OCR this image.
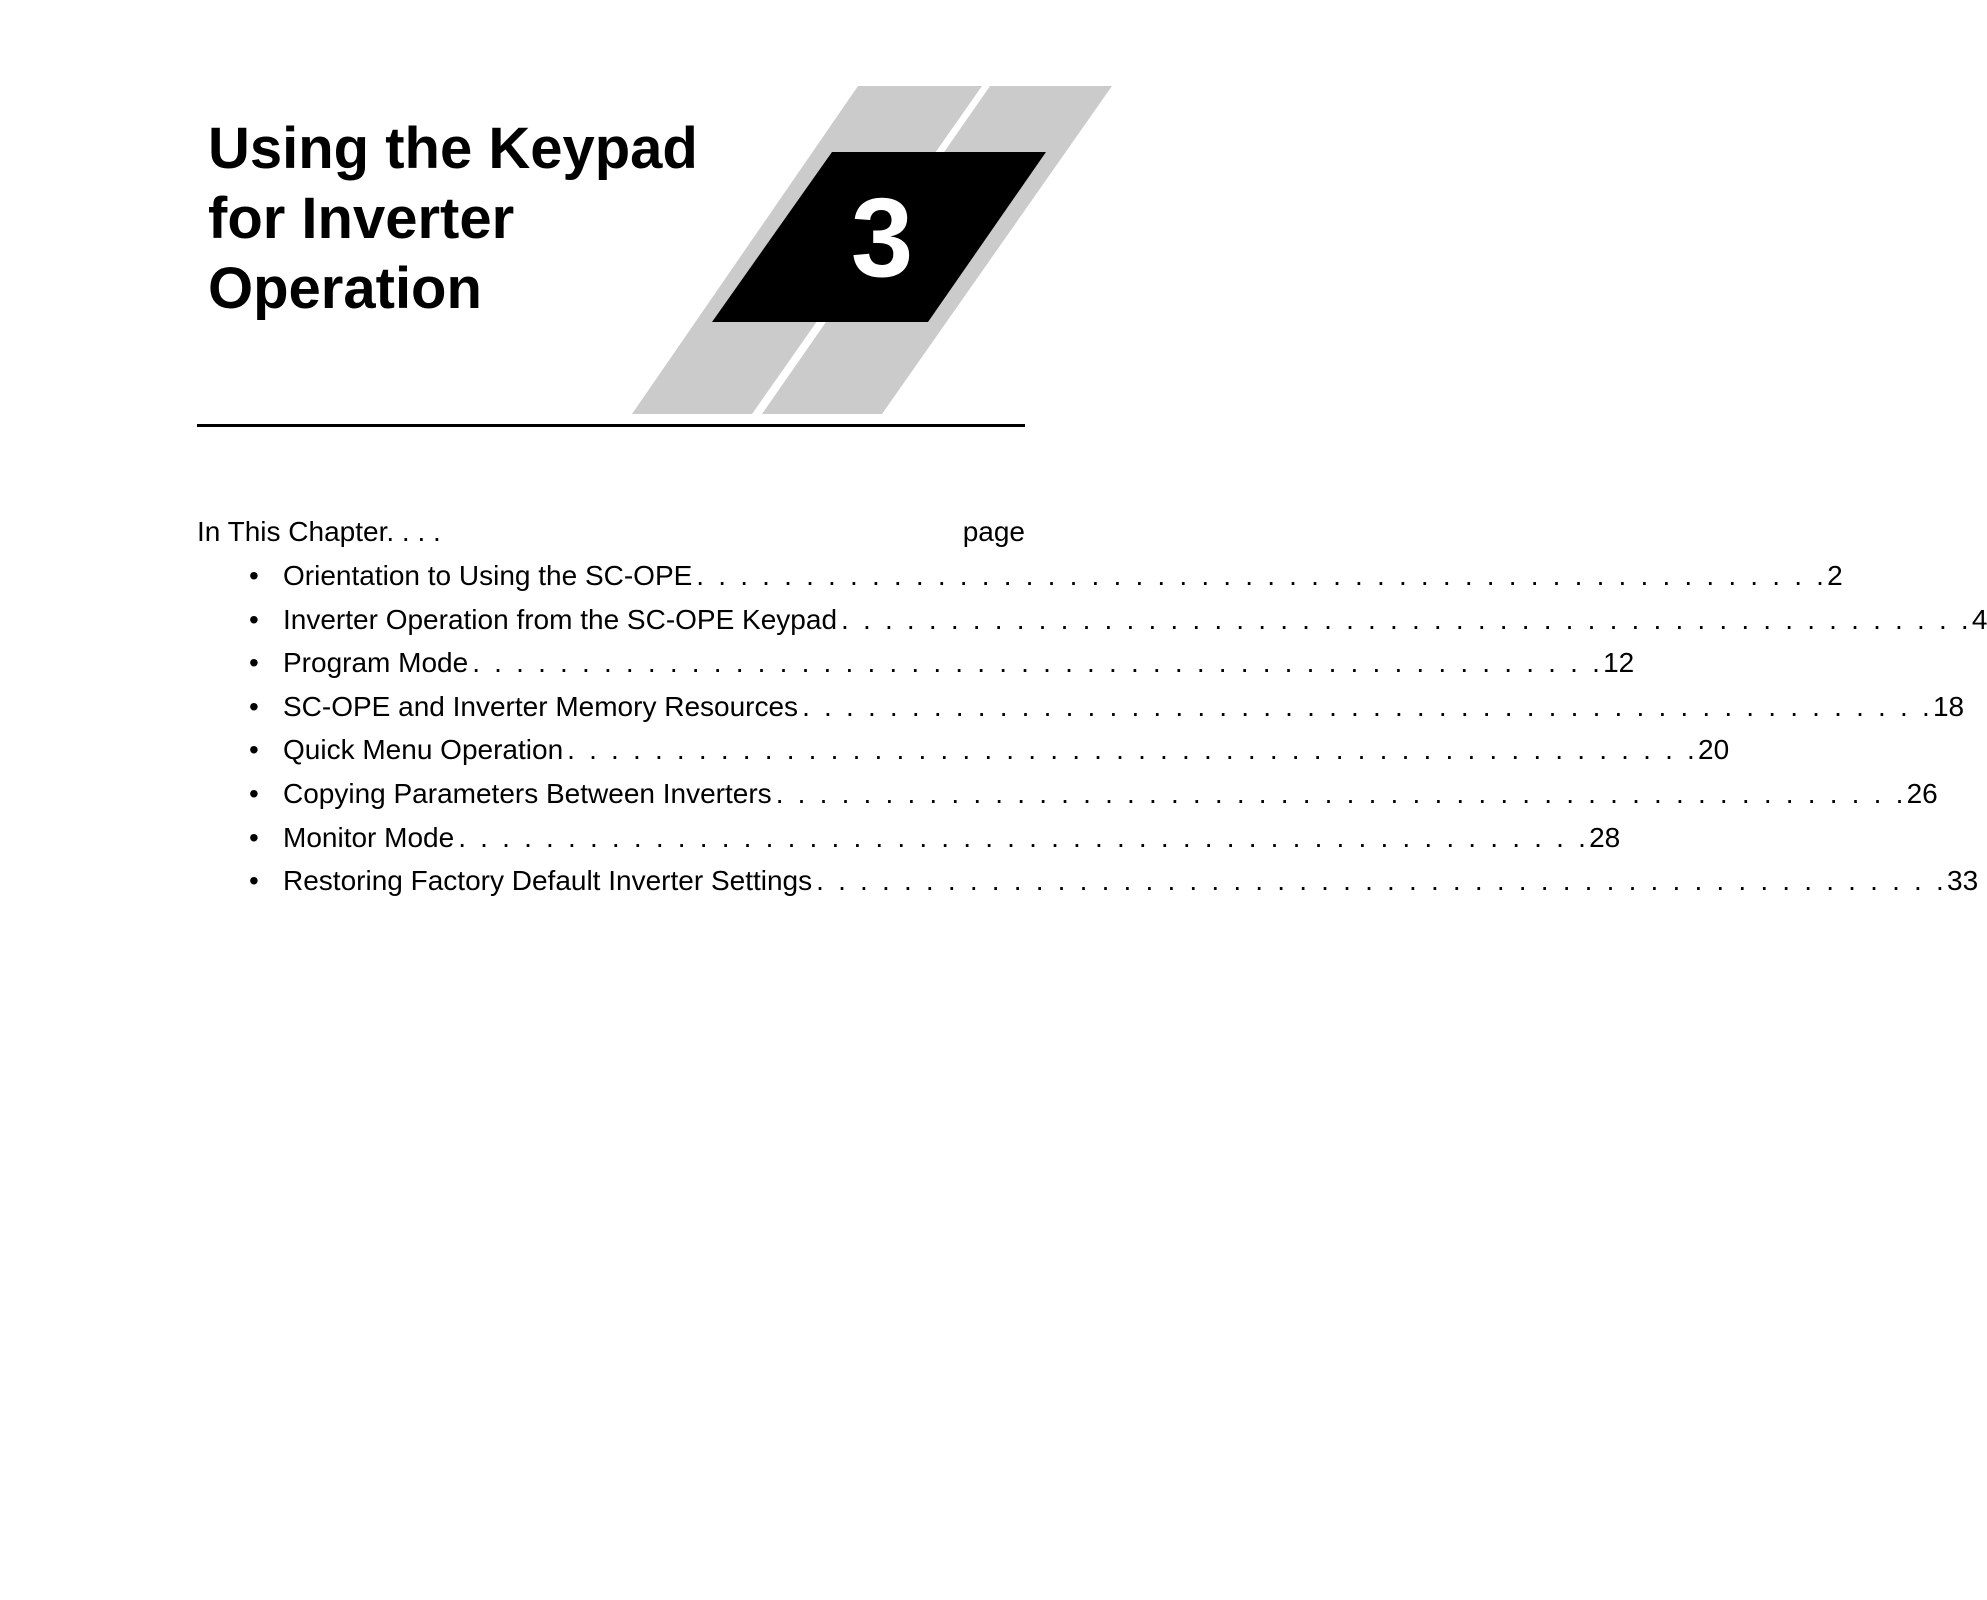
Using the Keypad
for Inverter
Operation	3
In This Chapter. . . .	page
• Orientation to Using the SC-OPE . . . . . . . . . . . . . . . . . . . . . . . . . . . . . . . . . . . . . . . . . . . . . . . . . . . . 2
• Inverter Operation from the SC-OPE Keypad . . . . . . . . . . . . . . . . . . . . . . . . . . . . . . . . . . . . . . . . . . . . . . . . . . . . 4
• Program Mode . . . . . . . . . . . . . . . . . . . . . . . . . . . . . . . . . . . . . . . . . . . . . . . . . . . . 12
• SC-OPE and Inverter Memory Resources . . . . . . . . . . . . . . . . . . . . . . . . . . . . . . . . . . . . . . . . . . . . . . . . . . . . 18
• Quick Menu Operation . . . . . . . . . . . . . . . . . . . . . . . . . . . . . . . . . . . . . . . . . . . . . . . . . . . . 20
• Copying Parameters Between Inverters . . . . . . . . . . . . . . . . . . . . . . . . . . . . . . . . . . . . . . . . . . . . . . . . . . . . 26
• Monitor Mode . . . . . . . . . . . . . . . . . . . . . . . . . . . . . . . . . . . . . . . . . . . . . . . . . . . . 28
• Restoring Factory Default Inverter Settings . . . . . . . . . . . . . . . . . . . . . . . . . . . . . . . . . . . . . . . . . . . . . . . . . . . . 33
